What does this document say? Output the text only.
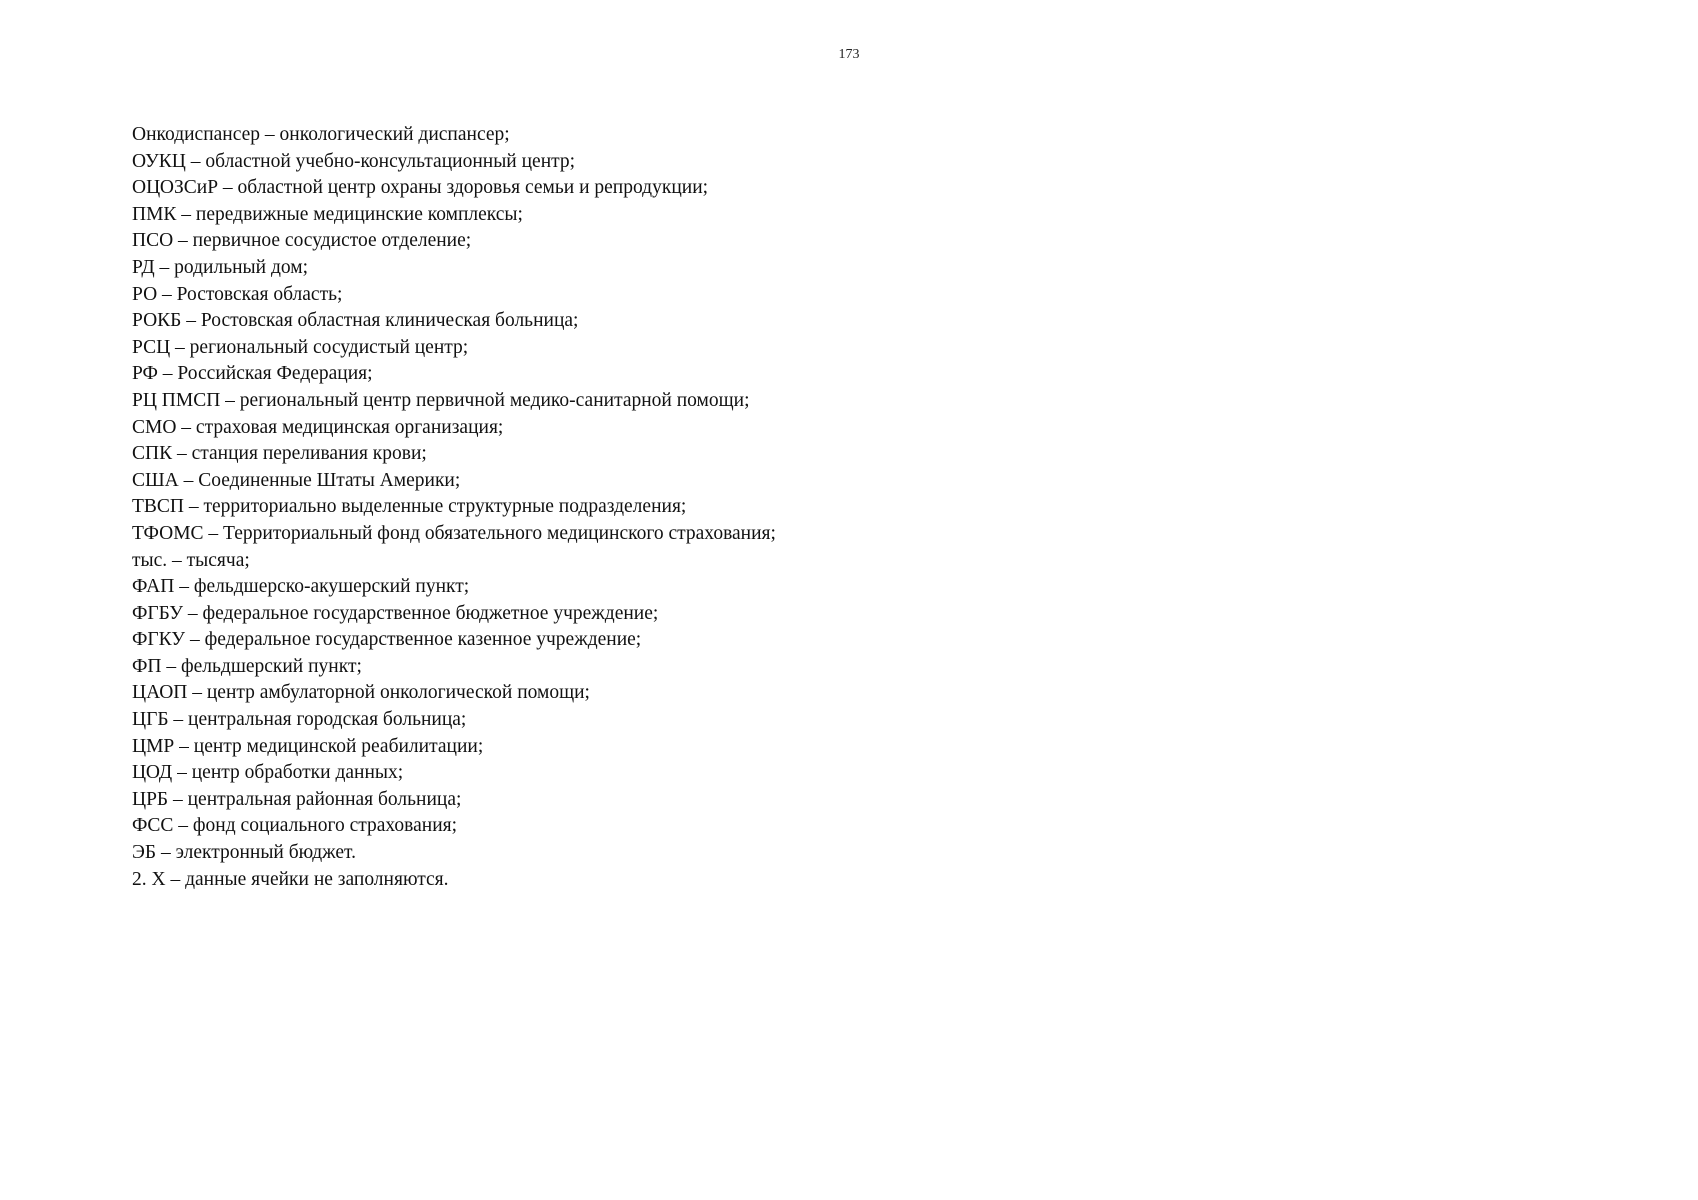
173
Онкодиспансер – онкологический диспансер;
ОУКЦ – областной учебно-консультационный центр;
ОЦОЗСиР – областной центр охраны здоровья семьи и репродукции;
ПМК – передвижные медицинские комплексы;
ПСО – первичное сосудистое отделение;
РД – родильный дом;
РО – Ростовская область;
РОКБ – Ростовская областная клиническая больница;
РСЦ – региональный сосудистый центр;
РФ – Российская Федерация;
РЦ ПМСП – региональный центр первичной медико-санитарной помощи;
СМО – страховая медицинская организация;
СПК – станция переливания крови;
США – Соединенные Штаты Америки;
ТВСП – территориально выделенные структурные подразделения;
ТФОМС – Территориальный фонд обязательного медицинского страхования;
тыс. – тысяча;
ФАП – фельдшерско-акушерский пункт;
ФГБУ – федеральное государственное бюджетное учреждение;
ФГКУ – федеральное государственное казенное учреждение;
ФП – фельдшерский пункт;
ЦАОП – центр амбулаторной онкологической помощи;
ЦГБ – центральная городская больница;
ЦМР – центр медицинской реабилитации;
ЦОД – центр обработки данных;
ЦРБ – центральная районная больница;
ФСС – фонд социального страхования;
ЭБ – электронный бюджет.
2. Х – данные ячейки не заполняются.
